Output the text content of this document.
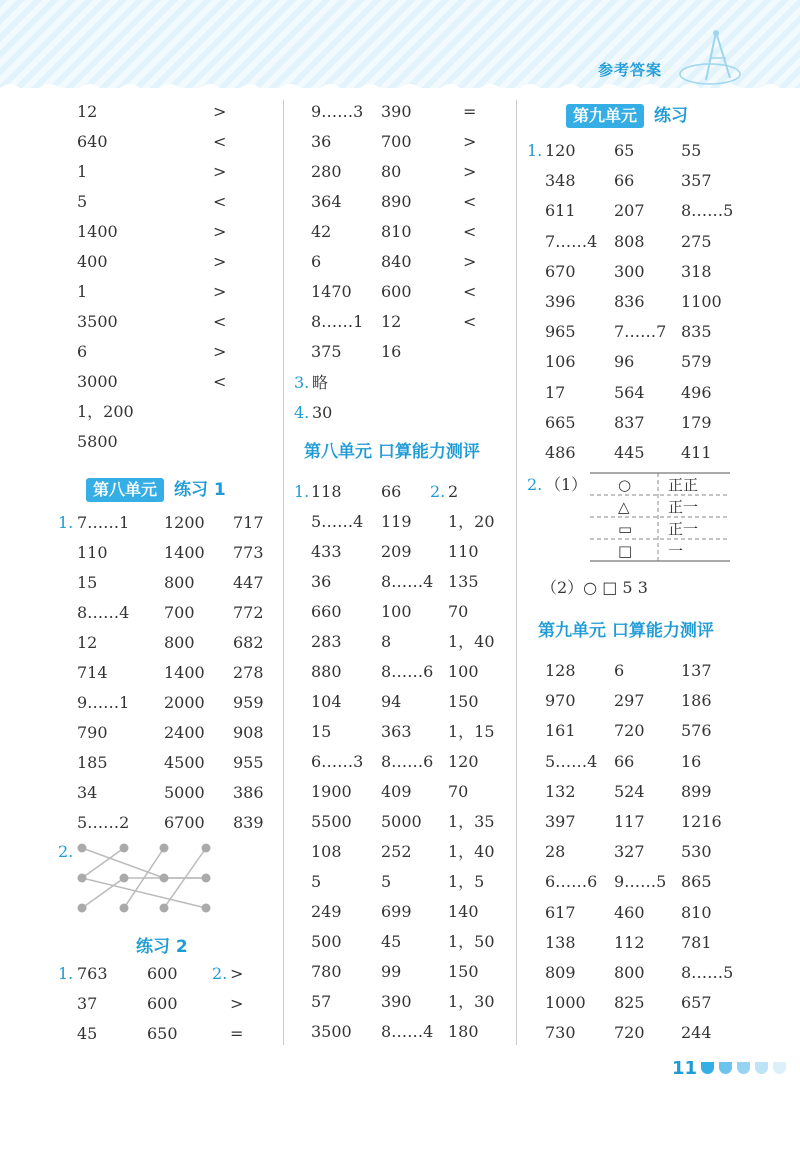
参考答案
12	>
640	<
1	>
5	<
1400	>
400	>
1	>
3500	<
6	>
3000	<
1，200
5800
第八单元 练习 1
1. 7……1 1200 717
110	1400 773
15	800 447
8……4 700 772
12	800 682
714	1400 278
9……1 2000 959
790	2400 908
185	4500 955
34	5000 386
5……2 6700 839
2.
练习 2
1.	2.
763 600	>
37	600	>
45	650	=
9……3 390	=
36	700	>
280 80	>
364 890	<
42	810	<
6	840	>
1470 600	<
8……1 12	<
375 16
3. 略
4. 30
第八单元 口算能力测评
1.	2.
118 66	2
5……4 119 1，20
433 209 110
36	8……4 135
660 100 70
283 8	1，40
880 8……6 100
104 94	150
15	363 1，15
6……3 8……6 120
1900 409 70
5500 5000 1，35
108 252 1，40
5	5	1，5
249 699 140
500 45	1，50
780 99	150
57	390 1，30
3500 8……4 180
第九单元 练习
1. 120 65	55
348 66	357
611 207 8……5
7……4 808 275
670 300 318
396 836 1100
965 7……7 835
106 96	579
17	564 496
665 837 179
486 445 411
2. （1） ○ 正正
△	正一
▭ 正一
□ 一
（2）○ □ 5 3
第九单元 口算能力测评
128 6	137
970 297 186
161 720 576
5……4 66	16
132 524 899
397 117 1216
28	327 530
6……6 9……5 865
617 460 810
138 112 781
809 800 8……5
1000 825 657
730 720 244
11
